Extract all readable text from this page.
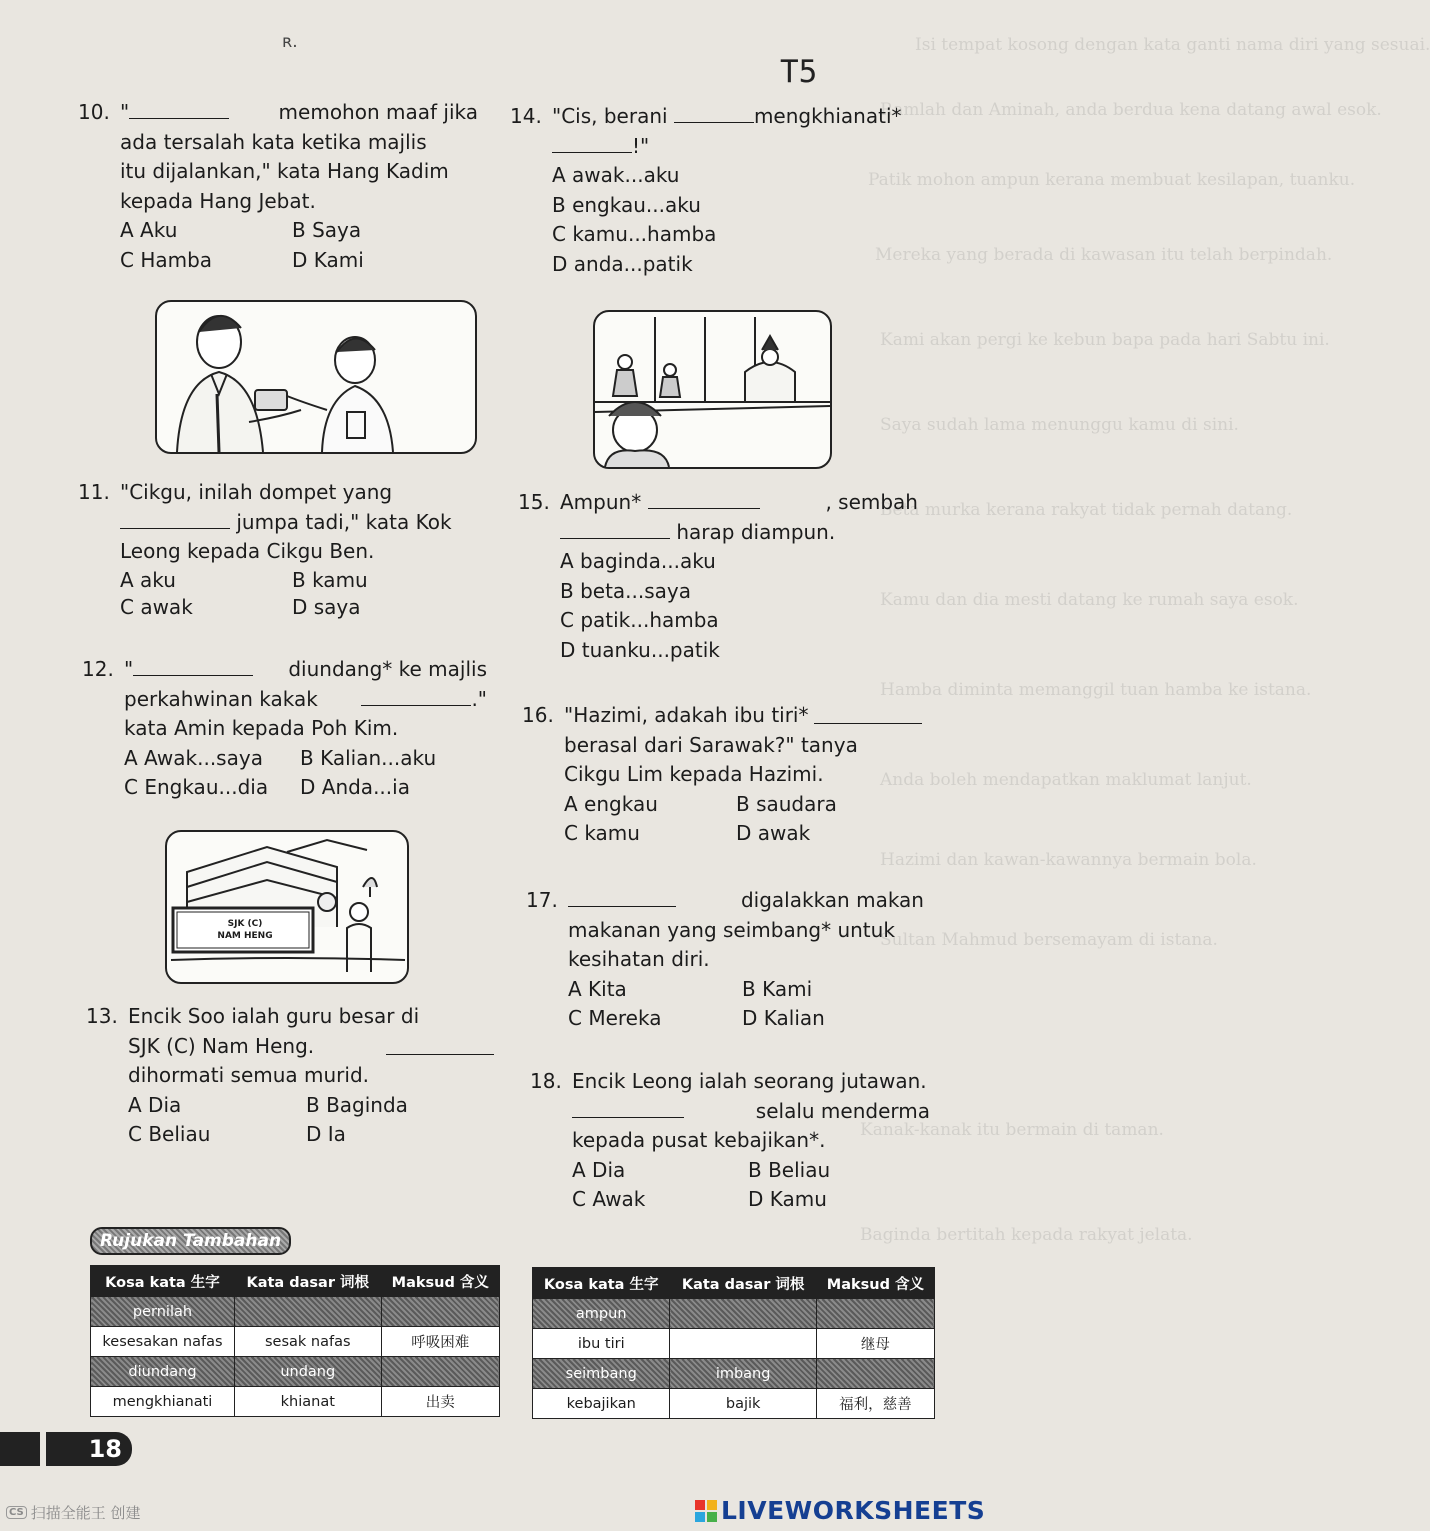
Isi tempat kosong dengan kata ganti nama diri yang sesuai.
Ramlah dan Aminah, anda berdua kena datang awal esok.
Patik mohon ampun kerana membuat kesilapan, tuanku.
Mereka yang berada di kawasan itu telah berpindah.
Kami akan pergi ke kebun bapa pada hari Sabtu ini.
Saya sudah lama menunggu kamu di sini.
Beta murka kerana rakyat tidak pernah datang.
Kamu dan dia mesti datang ke rumah saya esok.
Hamba diminta memanggil tuan hamba ke istana.
Anda boleh mendapatkan maklumat lanjut.
Hazimi dan kawan-kawannya bermain bola.
Sultan Mahmud bersemayam di istana.
Kanak-kanak itu bermain di taman.
Baginda bertitah kepada rakyat jelata.
ʀ.
T5
10. "	memohon maaf jika
ada tersalah kata ketika majlis
itu dijalankan," kata Hang Kadim
kepada Hang Jebat.
A Aku	B Saya
C Hamba	D Kami
11. "Cikgu, inilah dompet yang
jumpa tadi," kata Kok
Leong kepada Cikgu Ben.
A aku	B kamu
C awak	D saya
12. "	diundang* ke majlis
perkahwinan kakak	."
kata Amin kepada Poh Kim.
A Awak...saya	B Kalian...aku
C Engkau...dia	D Anda...ia
SJK (C)
NAM HENG
13. Encik Soo ialah guru besar di
SJK (C) Nam Heng.
dihormati semua murid.
A Dia	B Baginda
C Beliau	D Ia
14. "Cis, berani	mengkhianati*
!"
A awak...aku
B engkau...aku
C kamu...hamba
D anda...patik
15. Ampun*	, sembah
harap diampun.
A baginda...aku
B beta...saya
C patik...hamba
D tuanku...patik
16. "Hazimi, adakah ibu tiri*
berasal dari Sarawak?" tanya
Cikgu Lim kepada Hazimi.
A engkau	B saudara
C kamu	D awak
17.	digalakkan makan
makanan yang seimbang* untuk
kesihatan diri.
A Kita	B Kami
C Mereka	D Kalian
18. Encik Leong ialah seorang jutawan.
selalu menderma
kepada pusat kebajikan*.
A Dia	B Beliau
C Awak	D Kamu
Rujukan Tambahan
Kosa kata 生字	Kata dasar 词根	Maksud 含义
pernilah		
kesesakan nafas	sesak nafas	呼吸困难
diundang	undang	
mengkhianati	khianat	出卖
Kosa kata 生字	Kata dasar 词根	Maksud 含义
ampun		
ibu tiri		继母
seimbang	imbang	
kebajikan	bajik	福利，慈善
18
CS 扫描全能王 创建	LIVEWORKSHEETS
